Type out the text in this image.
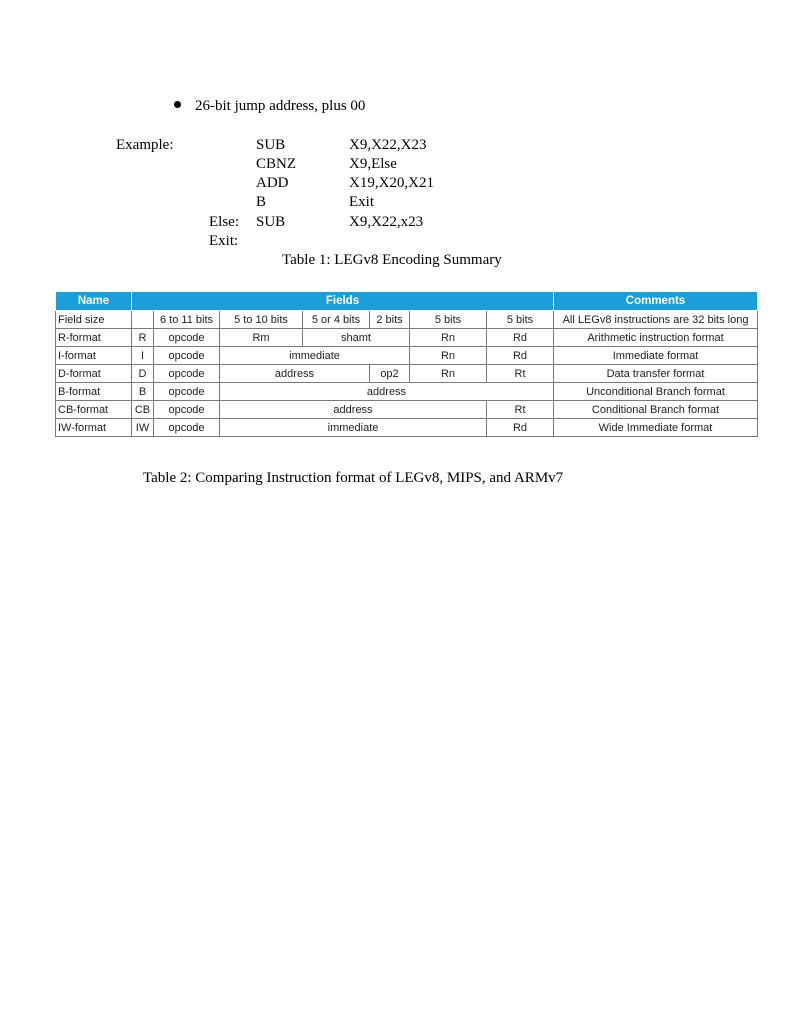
26-bit jump address, plus 00
Example:	SUB	X9,X22,X23
CBNZ	X9,Else
ADD	X19,X20,X21
B	Exit
Else: SUB	X9,X22,x23
Exit:
Table 1: LEGv8 Encoding Summary
Name	Fields							Comments
Field size		6 to 11 bits	5 to 10 bits	5 or 4 bits	2 bits	5 bits	5 bits	All LEGv8 instructions are 32 bits long
R-format	R	opcode	Rm	shamt		Rn	Rd	Arithmetic instruction format
I-format	I	opcode	immediate			Rn	Rd	Immediate format
D-format	D	opcode	address		op2	Rn	Rt	Data transfer format
B-format	B	opcode	address					Unconditional Branch format
CB-format	CB	opcode	address				Rt	Conditional Branch format
IW-format	IW	opcode	immediate				Rd	Wide Immediate format
Table 2: Comparing Instruction format of LEGv8, MIPS, and ARMv7
